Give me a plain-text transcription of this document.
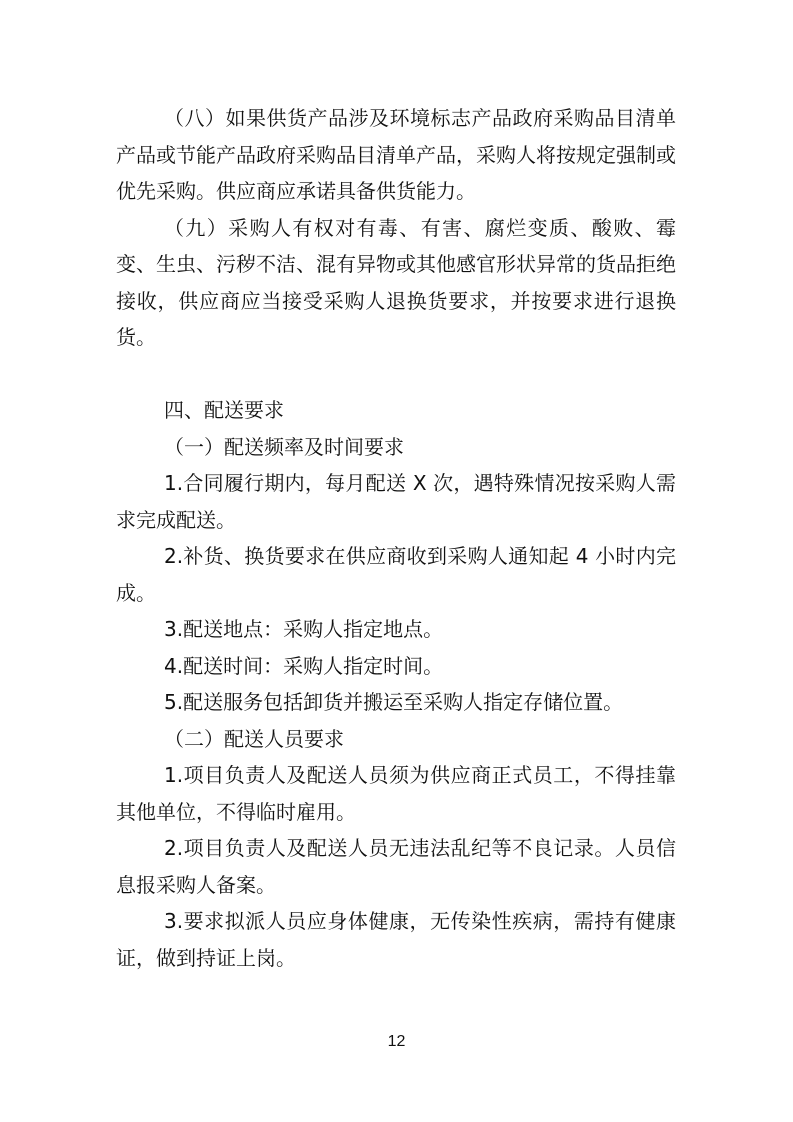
（八）如果供货产品涉及环境标志产品政府采购品目清单产品或节能产品政府采购品目清单产品，采购人将按规定强制或优先采购。供应商应承诺具备供货能力。

（九）采购人有权对有毒、有害、腐烂变质、酸败、霉变、生虫、污秽不洁、混有异物或其他感官形状异常的货品拒绝接收，供应商应当接受采购人退换货要求，并按要求进行退换货。

四、配送要求

（一）配送频率及时间要求

1.合同履行期内，每月配送 X 次，遇特殊情况按采购人需求完成配送。

2.补货、换货要求在供应商收到采购人通知起 4 小时内完成。

3.配送地点：采购人指定地点。

4.配送时间：采购人指定时间。

5.配送服务包括卸货并搬运至采购人指定存储位置。

（二）配送人员要求

1.项目负责人及配送人员须为供应商正式员工，不得挂靠其他单位，不得临时雇用。

2.项目负责人及配送人员无违法乱纪等不良记录。人员信息报采购人备案。

3.要求拟派人员应身体健康，无传染性疾病，需持有健康证，做到持证上岗。

12
